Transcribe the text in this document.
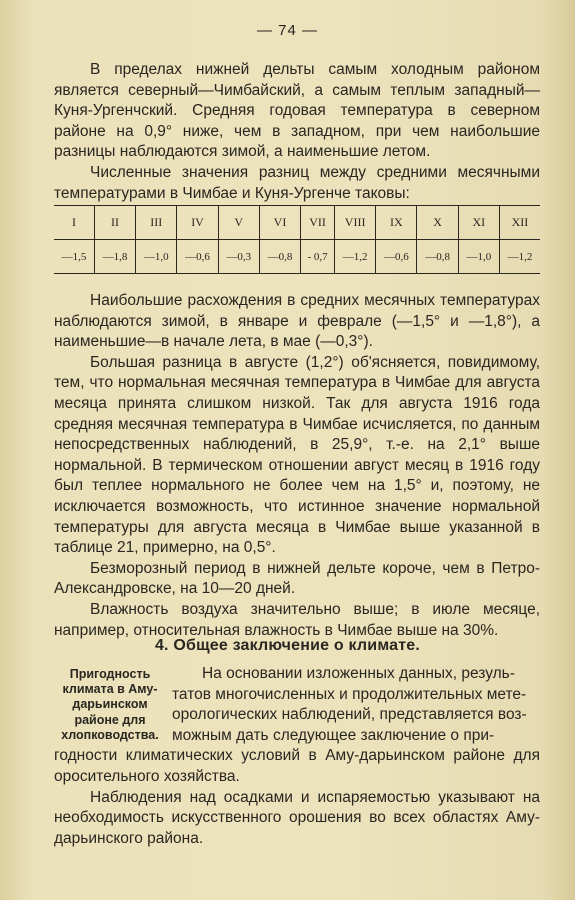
— 74 —

В пределах нижней дельты самым холодным районом является северный—Чимбайский, а самым теплым западный—Куня-Ургенчский. Средняя годовая температура в северном районе на 0,9° ниже, чем в западном, при чем наибольшие разницы наблюдаются зимой, а наименьшие летом.

Численные значения разниц между средними месячными температурами в Чимбае и Куня-Ургенче таковы:

I	II	III	IV	V	VI	VII	VIII	IX	X	XI	XII
—1,5	—1,8	—1,0	—0,6	—0,3	—0,8	- 0,7	—1,2	—0,6	—0,8	—1,0	—1,2

Наибольшие расхождения в средних месячных температурах наблюдаются зимой, в январе и феврале (—1,5° и —1,8°), а наименьшие—в начале лета, в мае (—0,3°).

Большая разница в августе (1,2°) об'ясняется, повидимому, тем, что нормальная месячная температура в Чимбае для августа месяца принята слишком низкой. Так для августа 1916 года средняя месячная температура в Чимбае исчисляется, по данным непосредственных наблюдений, в 25,9°, т.-е. на 2,1° выше нормальной. В термическом отношении август месяц в 1916 году был теплее нормального не более чем на 1,5° и, поэтому, не исключается возможность, что истинное значение нормальной температуры для августа месяца в Чимбае выше указанной в таблице 21, примерно, на 0,5°.

Безморозный период в нижней дельте короче, чем в Петро-Александровске, на 10—20 дней.

Влажность воздуха значительно выше; в июле месяце, например, относительная влажность в Чимбае выше на 30%.

4. Общее заключение о климате.
Пригодность климата в Аму-дарьинском районе для хлопководства.
На основании изложенных данных, резуль-
татов многочисленных и продолжительных мете-
орологических наблюдений, представляется воз-
можным дать следующее заключение о при-

годности климатических условий в Аму-дарьинском районе для оросительного хозяйства.

Наблюдения над осадками и испаряемостью указывают на необходимость искусственного орошения во всех областях Аму-дарьинского района.
